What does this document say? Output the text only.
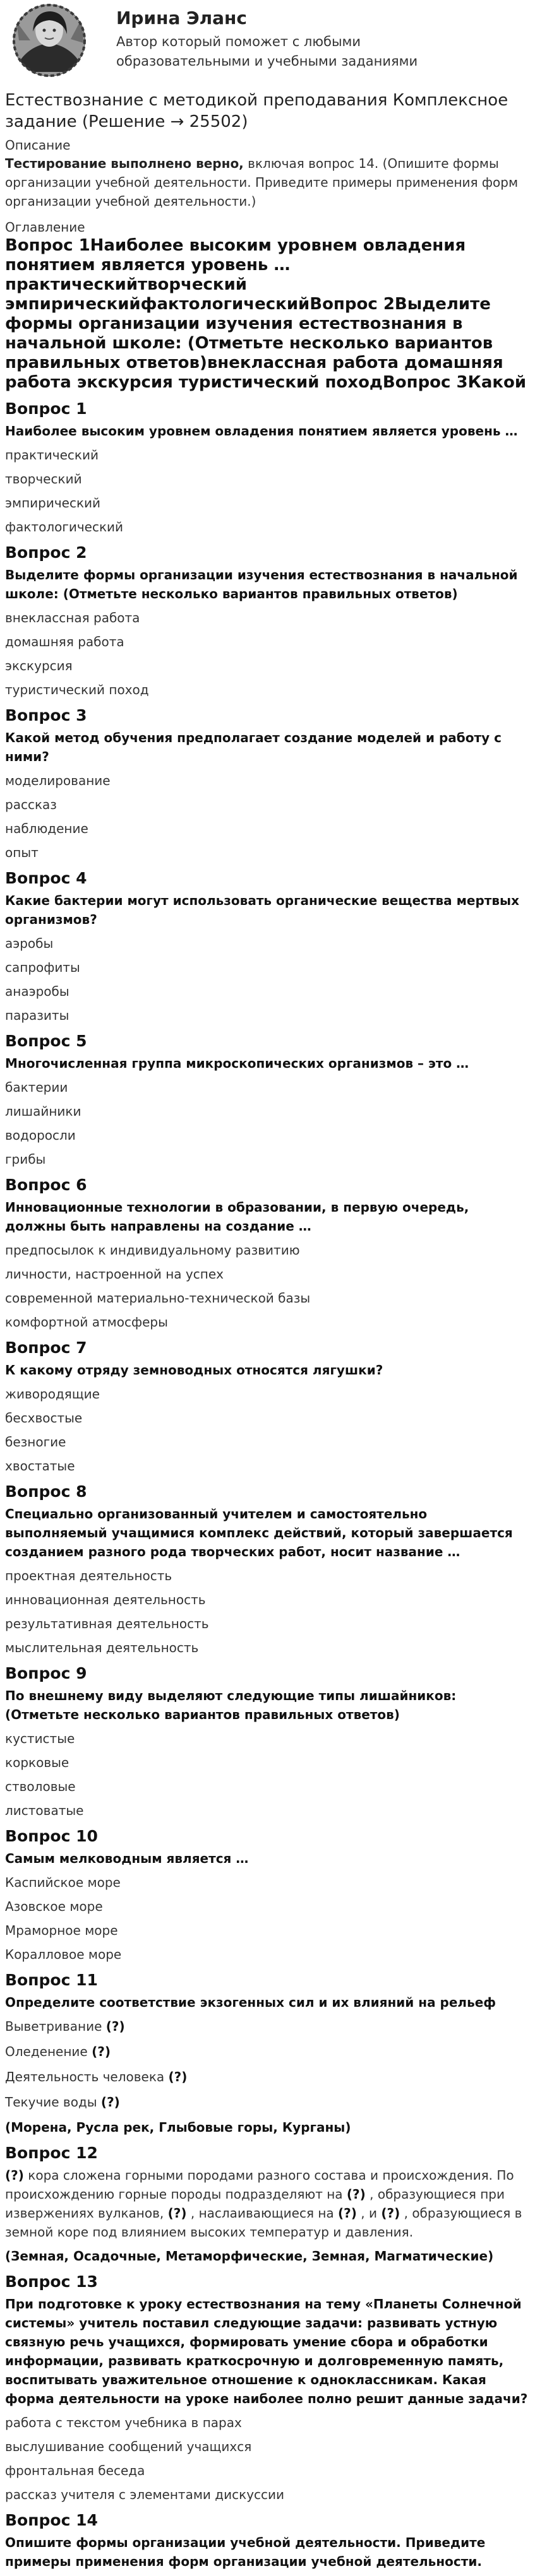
Ирина Эланс
Автор который поможет с любыми образовательными и учебными заданиями
Естествознание с методикой преподавания Комплексное задание (Решение → 25502)
Описание

Тестирование выполнено верно, включая вопрос 14. (Опишите формы организации учебной деятельности. Приведите примеры применения форм организации учебной деятельности.)

Оглавление
Вопрос 1Наиболее высоким уровнем овладения понятием является уровень …практическийтворческий эмпирическийфактологическийВопрос 2Выделите формы организации изучения естествознания в начальной школе: (Отметьте несколько вариантов правильных ответов)внеклассная работа домашняя работа экскурсия туристический походВопрос 3Какой
Вопрос 1
Наиболее высоким уровнем овладения понятием является уровень …
практический
творческий
эмпирический
фактологический
Вопрос 2
Выделите формы организации изучения естествознания в начальной школе: (Отметьте несколько вариантов правильных ответов)
внеклассная работа
домашняя работа
экскурсия
туристический поход
Вопрос 3
Какой метод обучения предполагает создание моделей и работу с ними?
моделирование
рассказ
наблюдение
опыт
Вопрос 4
Какие бактерии могут использовать органические вещества мертвых организмов?
аэробы
сапрофиты
анаэробы
паразиты
Вопрос 5
Многочисленная группа микроскопических организмов – это …
бактерии
лишайники
водоросли
грибы
Вопрос 6
Инновационные технологии в образовании, в первую очередь, должны быть направлены на создание …
предпосылок к индивидуальному развитию
личности, настроенной на успех
современной материально-технической базы
комфортной атмосферы
Вопрос 7
К какому отряду земноводных относятся лягушки?
живородящие
бесхвостые
безногие
хвостатые
Вопрос 8
Специально организованный учителем и самостоятельно выполняемый учащимися комплекс действий, который завершается созданием разного рода творческих работ, носит название …
проектная деятельность
инновационная деятельность
результативная деятельность
мыслительная деятельность
Вопрос 9
По внешнему виду выделяют следующие типы лишайников: (Отметьте несколько вариантов правильных ответов)
кустистые
корковые
стволовые
листоватые
Вопрос 10
Самым мелководным является …
Каспийское море
Азовское море
Мраморное море
Коралловое море
Вопрос 11
Определите соответствие экзогенных сил и их влияний на рельеф
Выветривание (?)
Оледенение (?)
Деятельность человека (?)
Текучие воды (?)
(Морена, Русла рек, Глыбовые горы, Курганы)
Вопрос 12
(?) кора сложена горными породами разного состава и происхождения. По происхождению горные породы подразделяют на (?) , образующиеся при извержениях вулканов, (?) , наслаивающиеся на (?) , и (?) , образующиеся в земной коре под влиянием высоких температур и давления.
(Земная, Осадочные, Метаморфические, Земная, Магматические)
Вопрос 13
При подготовке к уроку естествознания на тему «Планеты Солнечной системы» учитель поставил следующие задачи: развивать устную связную речь учащихся, формировать умение сбора и обработки информации, развивать краткосрочную и долговременную память, воспитывать уважительное отношение к одноклассникам. Какая форма деятельности на уроке наиболее полно решит данные задачи?
работа с текстом учебника в парах
выслушивание сообщений учащихся
фронтальная беседа
рассказ учителя с элементами дискуссии
Вопрос 14
Опишите формы организации учебной деятельности. Приведите примеры применения форм организации учебной деятельности.
